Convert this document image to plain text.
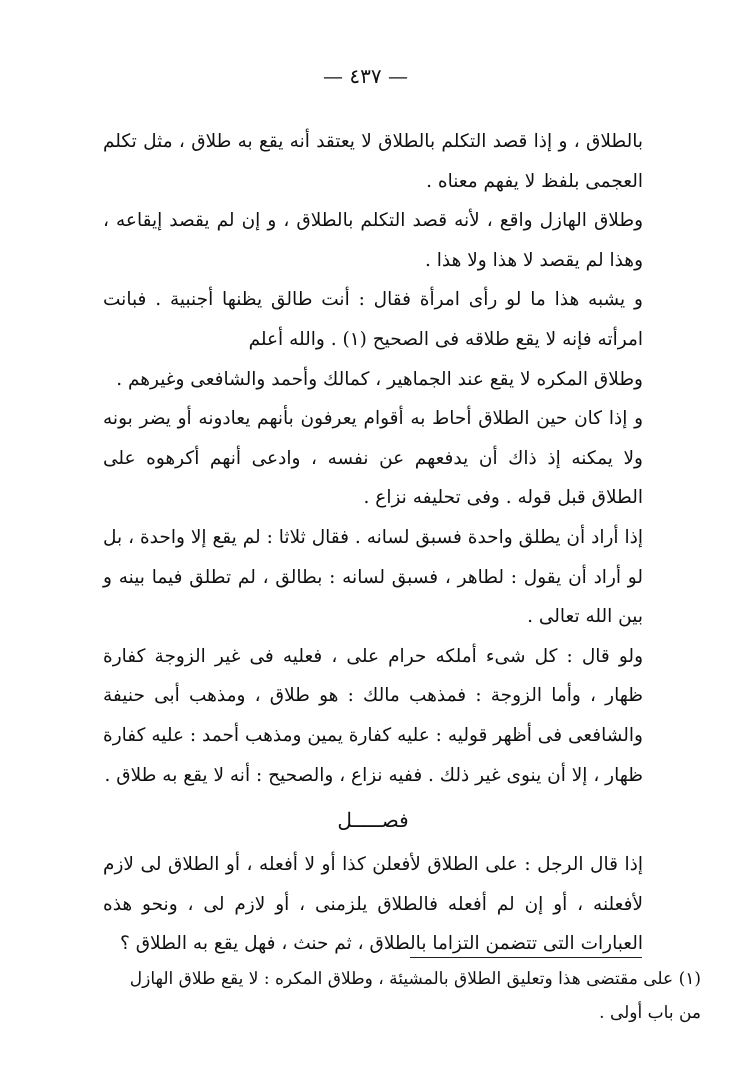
— ٤٣٧ —

بالطلاق ، و إذا قصد التكلم بالطلاق لا يعتقد أنه يقع به طلاق ، مثل تكلم العجمى بلفظ لا يفهم معناه .

وطلاق الهازل واقع ، لأنه قصد التكلم بالطلاق ، و إن لم يقصد إيقاعه ، وهذا لم يقصد لا هذا ولا هذا .

و يشبه هذا ما لو رأى امرأة فقال : أنت طالق يظنها أجنبية . فبانت امرأته فإنه لا يقع طلاقه فى الصحيح (١) . والله أعلم

وطلاق المكره لا يقع عند الجماهير ، كمالك وأحمد والشافعى وغيرهم .

و إذا كان حين الطلاق أحاط به أقوام يعرفون بأنهم يعادونه أو يضر بونه ولا يمكنه إذ ذاك أن يدفعهم عن نفسه ، وادعى أنهم أكرهوه على الطلاق قبل قوله . وفى تحليفه نزاع .

إذا أراد أن يطلق واحدة فسبق لسانه . فقال ثلاثا : لم يقع إلا واحدة ، بل لو أراد أن يقول : لطاهر ، فسبق لسانه : بطالق ، لم تطلق فيما بينه و بين الله تعالى .

ولو قال : كل شىء أملكه حرام على ، فعليه فى غير الزوجة كفارة ظهار ، وأما الزوجة : فمذهب مالك : هو طلاق ، ومذهب أبى حنيفة والشافعى فى أظهر قوليه : عليه كفارة يمين ومذهب أحمد : عليه كفارة ظهار ، إلا أن ينوى غير ذلك . ففيه نزاع ، والصحيح : أنه لا يقع به طلاق .

فصـــــل

إذا قال الرجل : على الطلاق لأفعلن كذا أو لا أفعله ، أو الطلاق لى لازم لأفعلنه ، أو إن لم أفعله فالطلاق يلزمنى ، أو لازم لى ، ونحو هذه العبارات التى تتضمن التزاما بالطلاق ، ثم حنث ، فهل يقع به الطلاق ؟

(١) على مقتضى هذا وتعليق الطلاق بالمشيئة ، وطلاق المكره : لا يقع طلاق الهازل من باب أولى .
